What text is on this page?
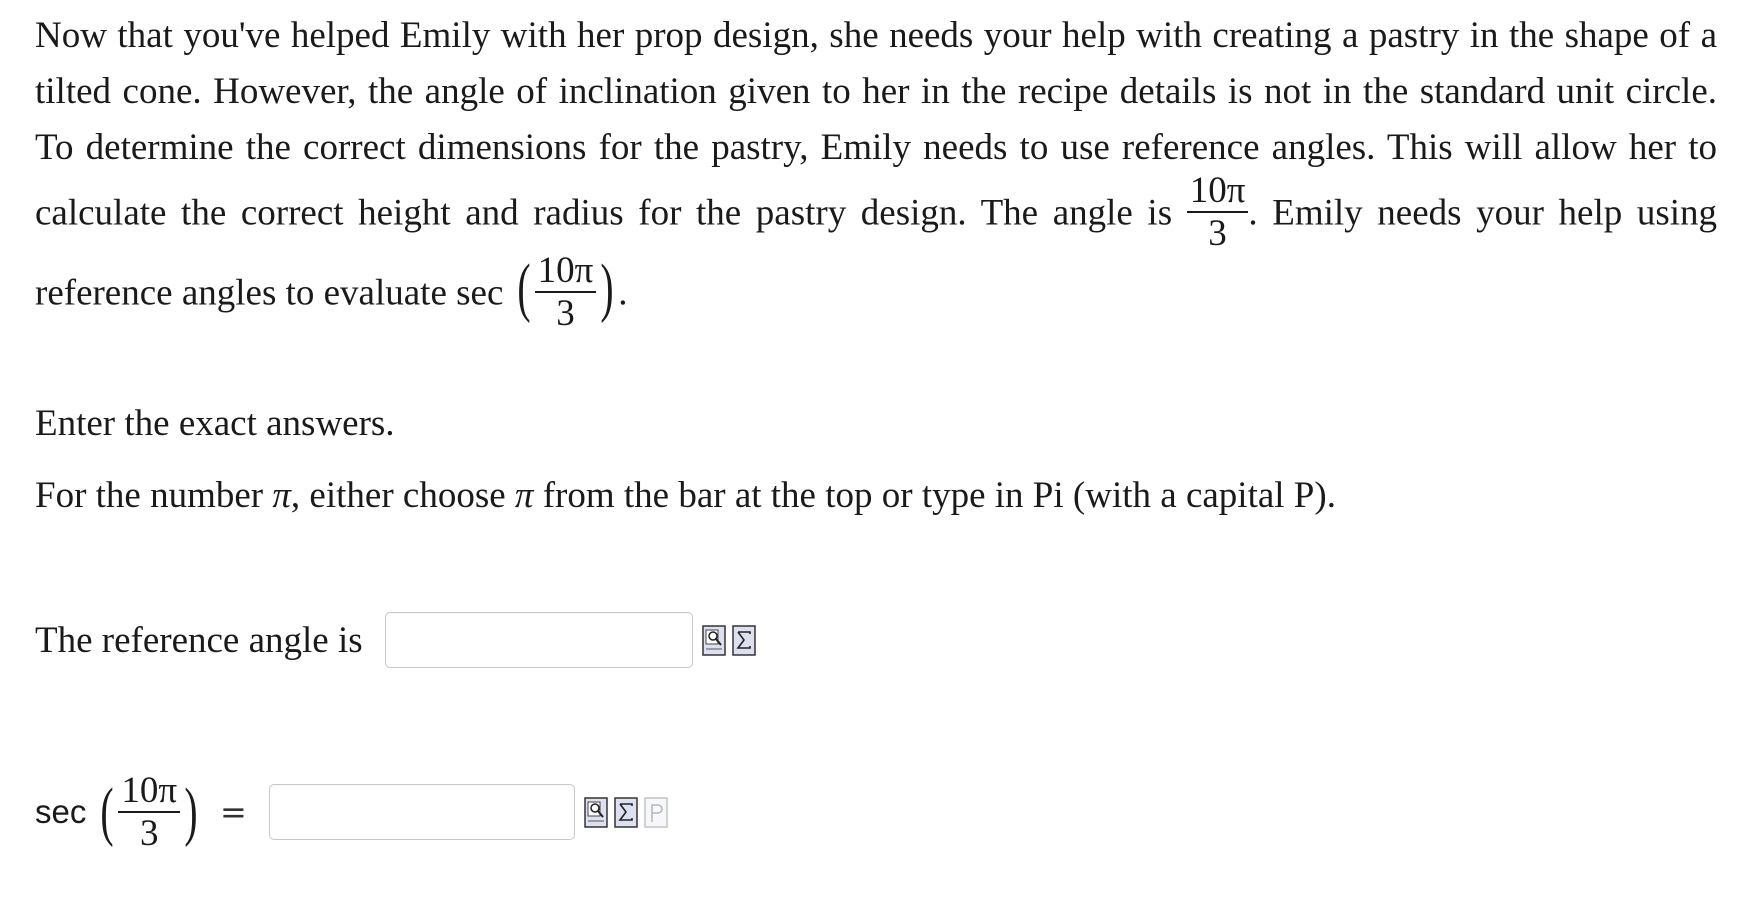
Now that you've helped Emily with her prop design, she needs your help with creating a pastry in the shape of a tilted cone. However, the angle of inclination given to her in the recipe details is not in the standard unit circle. To determine the correct dimensions for the pastry, Emily needs to use reference angles. This will allow her to calculate the correct height and radius for the pastry design. The angle is $\frac{10\pi}{3}$ . Emily needs your help using reference angles to evaluate sec ( $\frac{10\pi}{3}$ ) .
Enter the exact answers.
For the number π, either choose π from the bar at the top or type in Pi (with a capital P).
The reference angle is
sec ( $\frac{10\pi}{3}$ ) =
